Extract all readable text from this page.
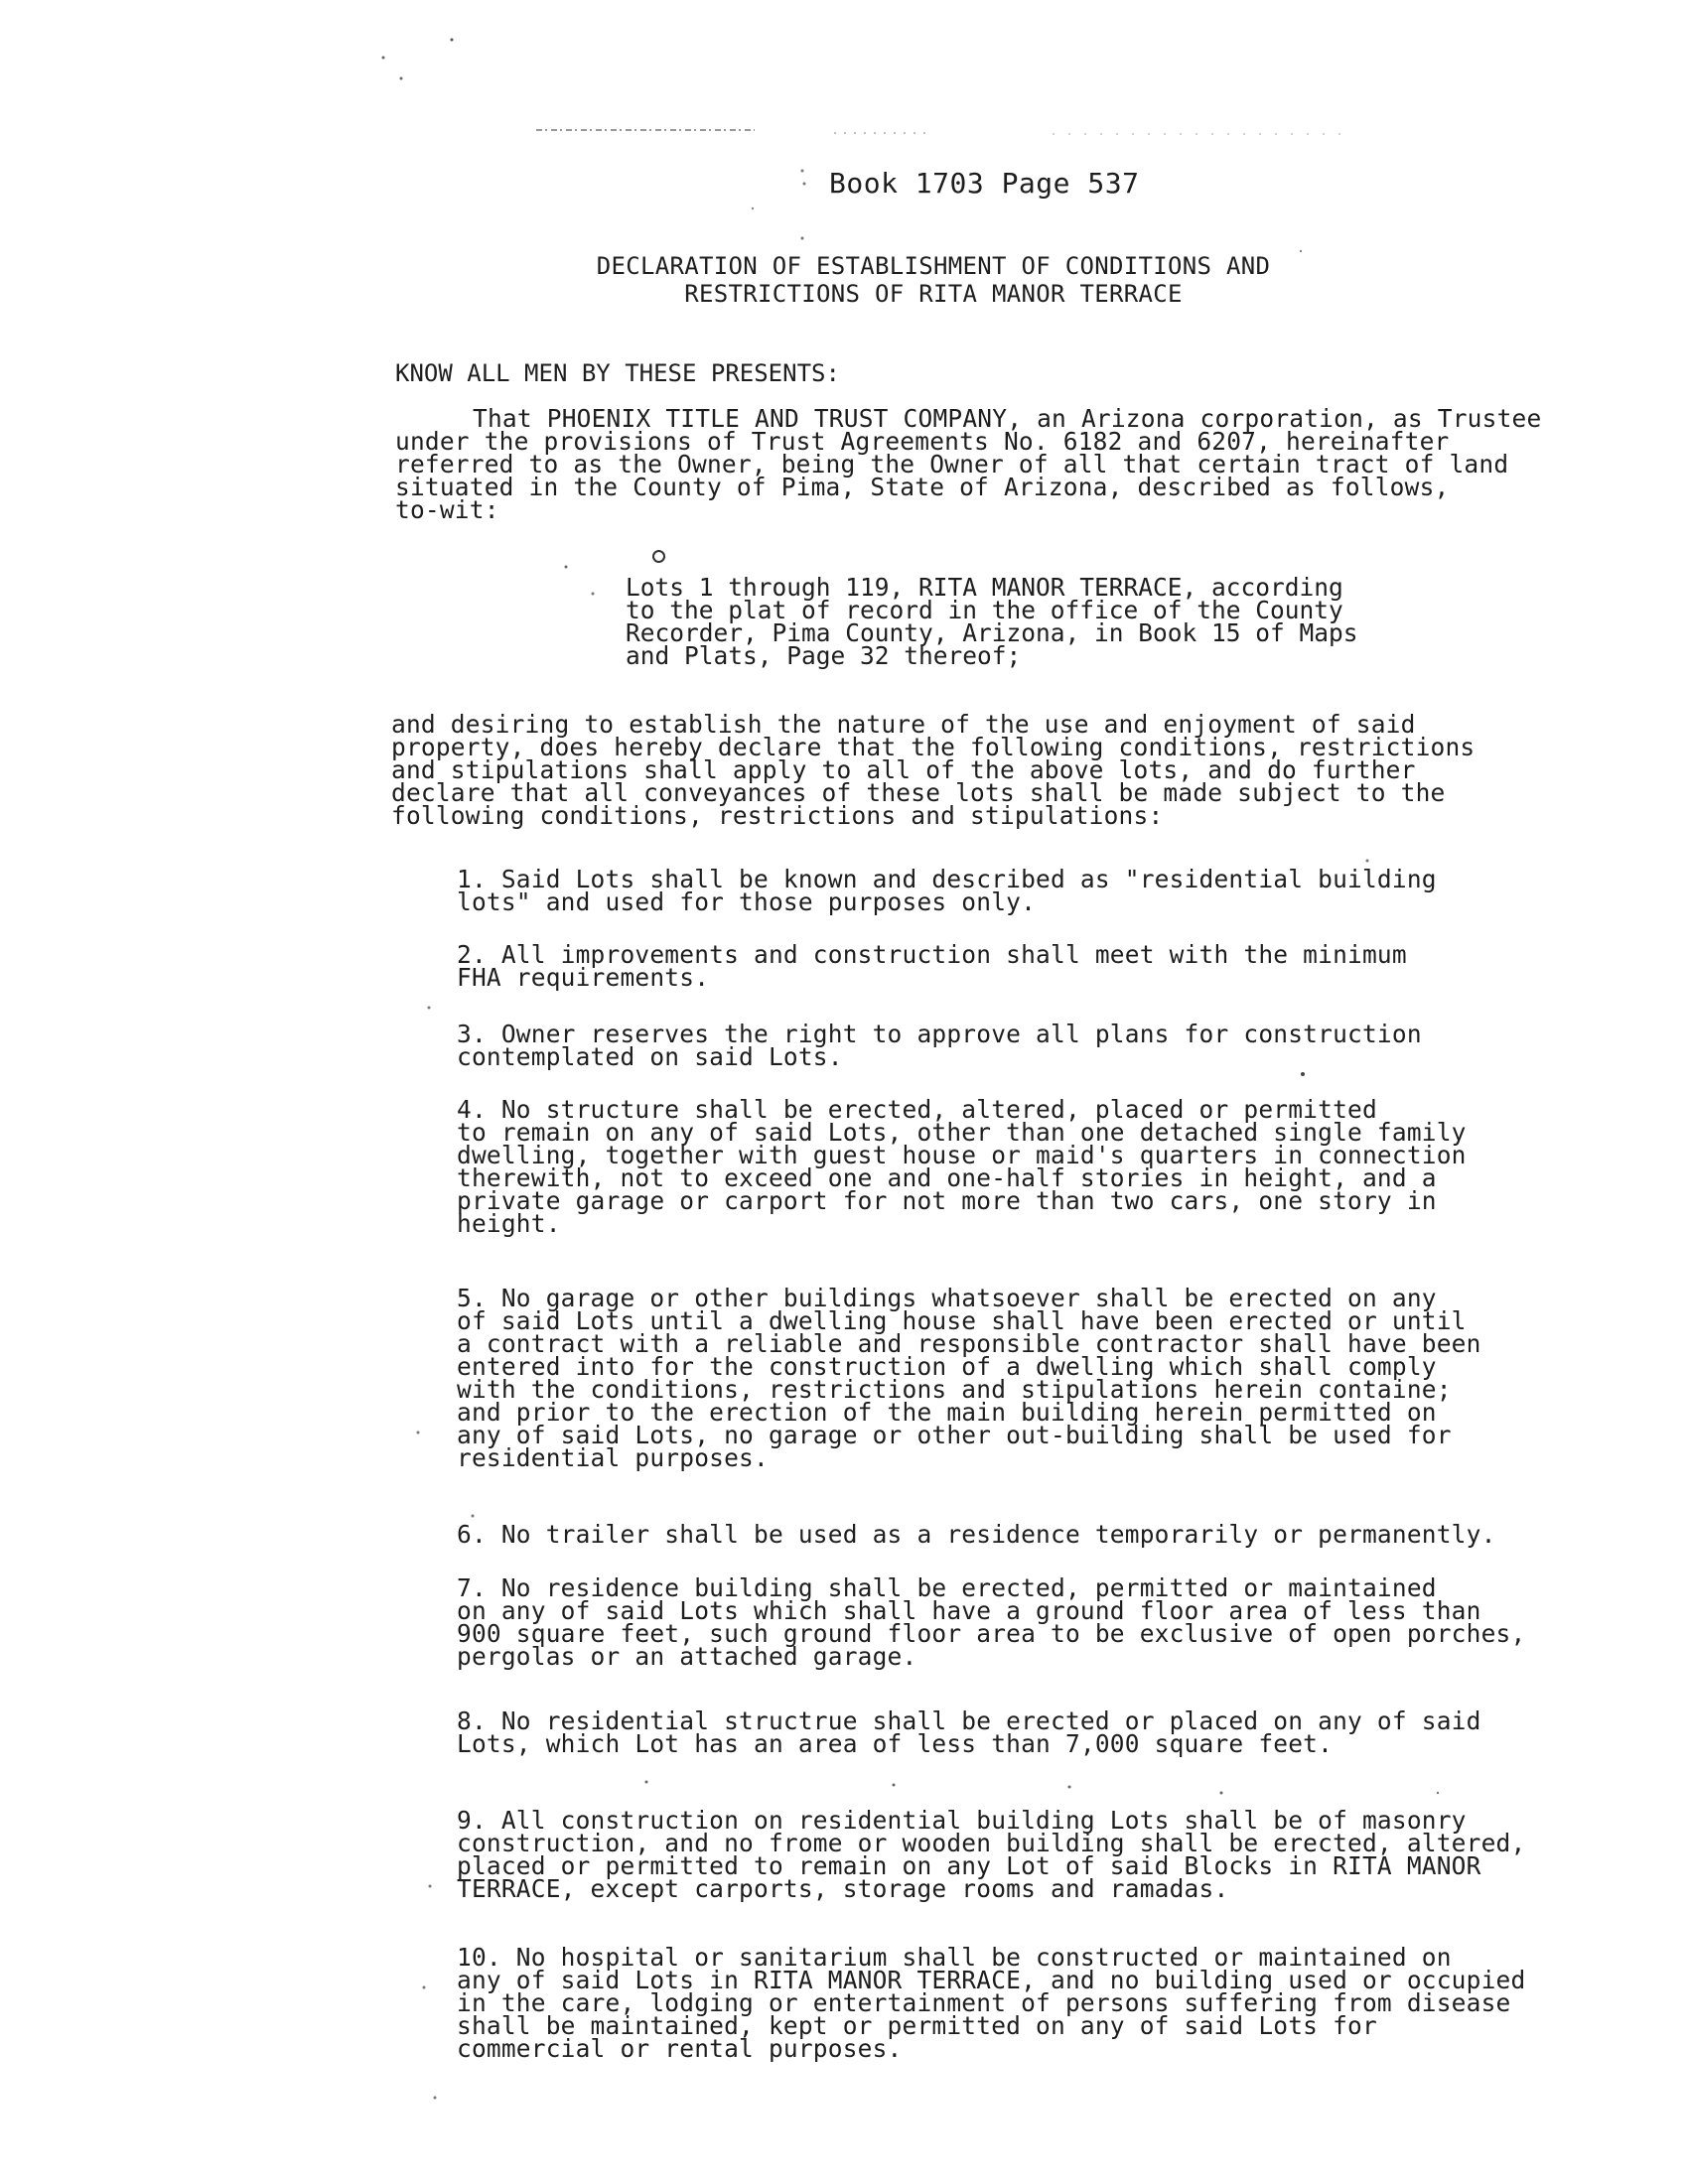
Book 1703 Page 537
DECLARATION OF ESTABLISHMENT OF CONDITIONS AND
RESTRICTIONS OF RITA MANOR TERRACE
KNOW ALL MEN BY THESE PRESENTS:
That PHOENIX TITLE AND TRUST COMPANY, an Arizona corporation, as Trustee
under the provisions of Trust Agreements No. 6182 and 6207, hereinafter
referred to as the Owner, being the Owner of all that certain tract of land
situated in the County of Pima, State of Arizona, described as follows,
to-wit:
Lots 1 through 119, RITA MANOR TERRACE, according
to the plat of record in the office of the County
Recorder, Pima County, Arizona, in Book 15 of Maps
and Plats, Page 32 thereof;
and desiring to establish the nature of the use and enjoyment of said
property, does hereby declare that the following conditions, restrictions
and stipulations shall apply to all of the above lots, and do further
declare that all conveyances of these lots shall be made subject to the
following conditions, restrictions and stipulations:
1. Said Lots shall be known and described as "residential building
lots" and used for those purposes only.
2. All improvements and construction shall meet with the minimum
FHA requirements.
3. Owner reserves the right to approve all plans for construction
contemplated on said Lots.
4. No structure shall be erected, altered, placed or permitted
to remain on any of said Lots, other than one detached single family
dwelling, together with guest house or maid's quarters in connection
therewith, not to exceed one and one-half stories in height, and a
private garage or carport for not more than two cars, one story in
height.
5. No garage or other buildings whatsoever shall be erected on any
of said Lots until a dwelling house shall have been erected or until
a contract with a reliable and responsible contractor shall have been
entered into for the construction of a dwelling which shall comply
with the conditions, restrictions and stipulations herein containe;
and prior to the erection of the main building herein permitted on
any of said Lots, no garage or other out-building shall be used for
residential purposes.
6. No trailer shall be used as a residence temporarily or permanently.
7. No residence building shall be erected, permitted or maintained
on any of said Lots which shall have a ground floor area of less than
900 square feet, such ground floor area to be exclusive of open porches,
pergolas or an attached garage.
8. No residential structrue shall be erected or placed on any of said
Lots, which Lot has an area of less than 7,000 square feet.
9. All construction on residential building Lots shall be of masonry
construction, and no frome or wooden building shall be erected, altered,
placed or permitted to remain on any Lot of said Blocks in RITA MANOR
TERRACE, except carports, storage rooms and ramadas.
10. No hospital or sanitarium shall be constructed or maintained on
any of said Lots in RITA MANOR TERRACE, and no building used or occupied
in the care, lodging or entertainment of persons suffering from disease
shall be maintained, kept or permitted on any of said Lots for
commercial or rental purposes.
